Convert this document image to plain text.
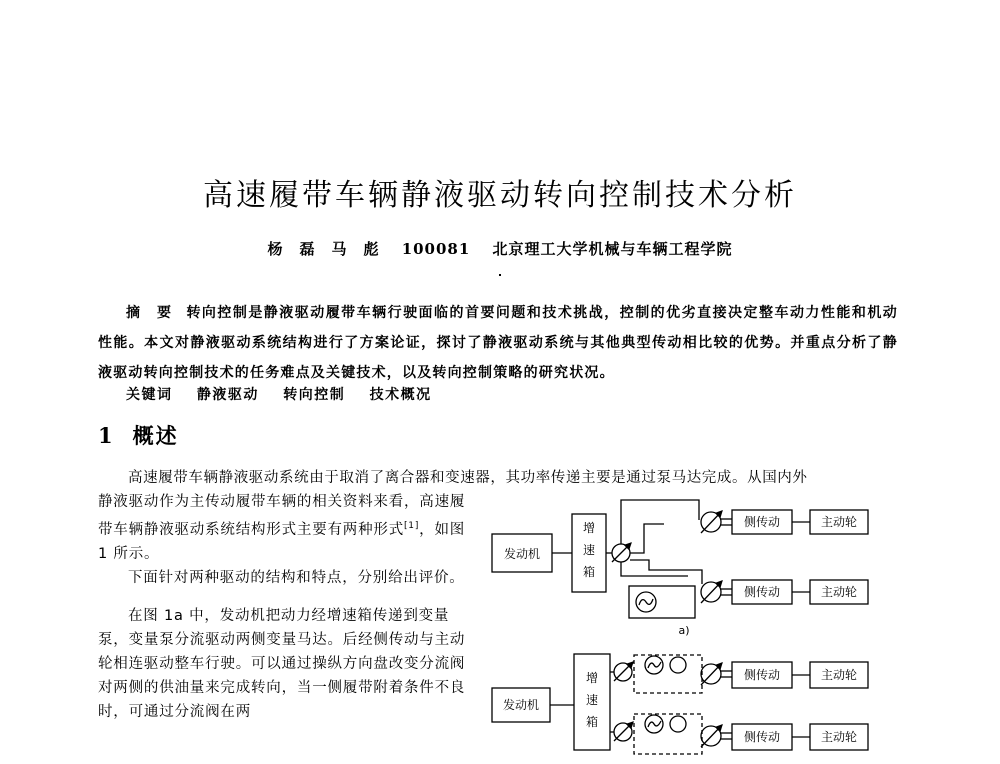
高速履带车辆静液驱动转向控制技术分析
杨　磊　马　彪 100081 北京理工大学机械与车辆工程学院
摘　要 转向控制是静液驱动履带车辆行驶面临的首要问题和技术挑战，控制的优劣直接决定整车动力性能和机动性能。本文对静液驱动系统结构进行了方案论证，探讨了静液驱动系统与其他典型传动相比较的优势。并重点分析了静液驱动转向控制技术的任务难点及关键技术，以及转向控制策略的研究状况。
关键词 静液驱动 转向控制 技术概况
1 概述
高速履带车辆静液驱动系统由于取消了离合器和变速器，其功率传递主要是通过泵马达完成。从国内外

静液驱动作为主传动履带车辆的相关资料来看，高速履带车辆静液驱动系统结构形式主要有两种形式[1]，如图 1 所示。

下面针对两种驱动的结构和特点，分别给出评价。

在图 1a 中，发动机把动力经增速箱传递到变量泵，变量泵分流驱动两侧变量马达。后经侧传动与主动轮相连驱动整车行驶。可以通过操纵方向盘改变分流阀对两侧的供油量来完成转向，当一侧履带附着条件不良时，可通过分流阀在两

发动机
增
速
箱
侧传动	主动轮
侧传动	主动轮
a)
发动机
增
速
箱
侧传动	主动轮
侧传动	主动轮
